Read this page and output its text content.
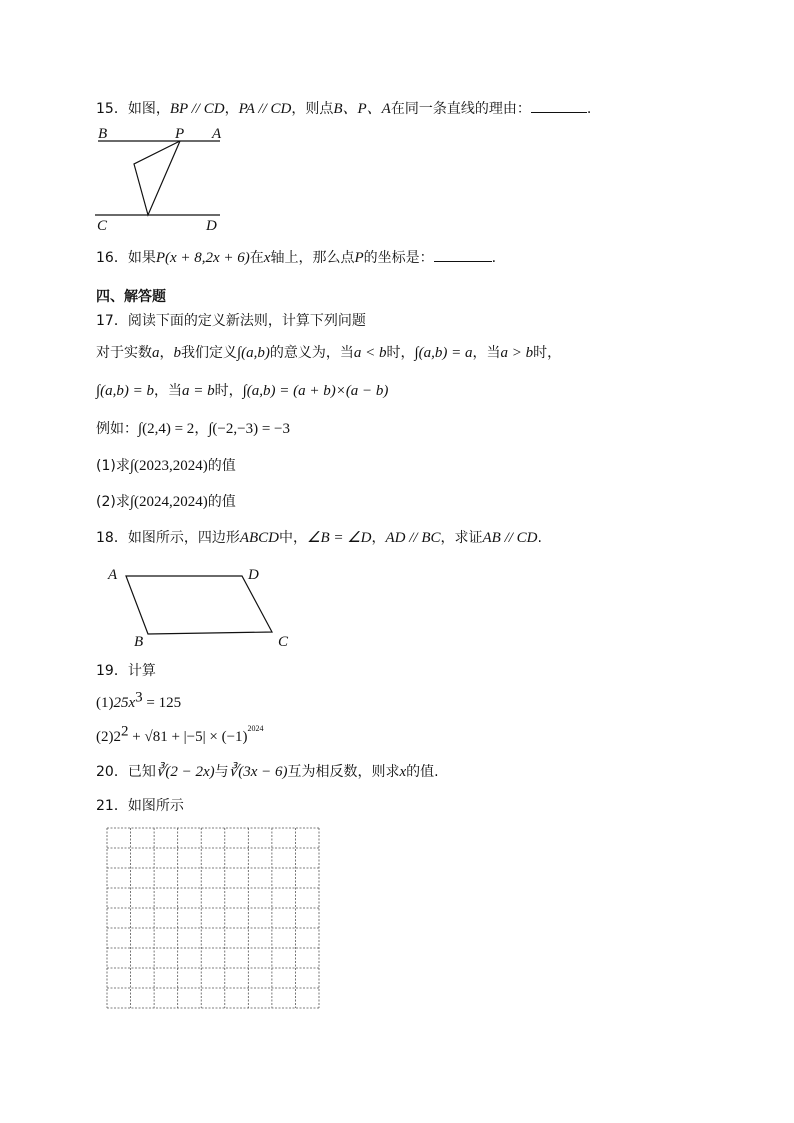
15．如图，BP // CD，PA // CD，则点B、P、A在同一条直线的理由：	.
B	P A
C	D
16．如果P(x + 8,2x + 6)在x轴上，那么点P的坐标是：	.
四、解答题
17．阅读下面的定义新法则，计算下列问题
对于实数a，b我们定义∫(a,b)的意义为，当a < b时，∫(a,b) = a，当a > b时，
∫(a,b) = b，当a = b时，∫(a,b) = (a + b)×(a − b)
例如：∫(2,4) = 2，∫(−2,−3) = −3
(1)求∫(2023,2024)的值
(2)求∫(2024,2024)的值
18．如图所示，四边形ABCD中，∠B = ∠D，AD // BC，求证AB // CD.
A	D
B	C
19．计算
$(1)25x^3 = 125$
$(2)2^2 + √81 + |-5| \times (-1)^{2024}$
20．已知∛(2 − 2x)与∛(3x − 6)互为相反数，则求x的值.
21．如图所示
